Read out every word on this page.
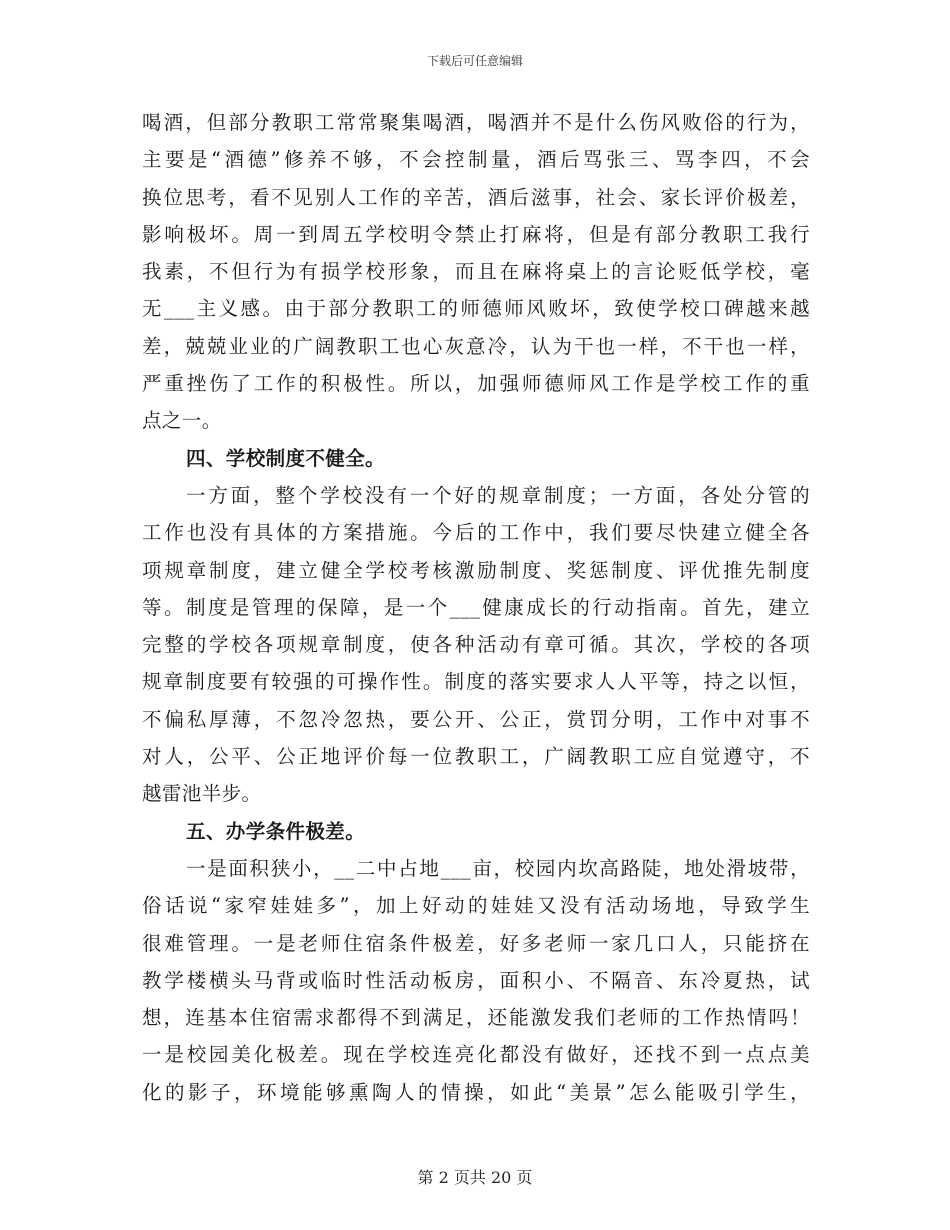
下载后可任意编辑
喝酒，但部分教职工常常聚集喝酒，喝酒并不是什么伤风败俗的行为，
主要是“酒德”修养不够，不会控制量，酒后骂张三、骂李四，不会
换位思考，看不见别人工作的辛苦，酒后滋事，社会、家长评价极差，
影响极坏。周一到周五学校明令禁止打麻将，但是有部分教职工我行
我素，不但行为有损学校形象，而且在麻将桌上的言论贬低学校，毫
无___主义感。由于部分教职工的师德师风败坏，致使学校口碑越来越
差，兢兢业业的广阔教职工也心灰意冷，认为干也一样，不干也一样，
严重挫伤了工作的积极性。所以，加强师德师风工作是学校工作的重
点之一。
四、学校制度不健全。
一方面，整个学校没有一个好的规章制度；一方面，各处分管的
工作也没有具体的方案措施。今后的工作中，我们要尽快建立健全各
项规章制度，建立健全学校考核激励制度、奖惩制度、评优推先制度
等。制度是管理的保障，是一个___健康成长的行动指南。首先，建立
完整的学校各项规章制度，使各种活动有章可循。其次，学校的各项
规章制度要有较强的可操作性。制度的落实要求人人平等，持之以恒，
不偏私厚薄，不忽冷忽热，要公开、公正，赏罚分明，工作中对事不
对人，公平、公正地评价每一位教职工，广阔教职工应自觉遵守，不
越雷池半步。
五、办学条件极差。
一是面积狭小，__二中占地___亩，校园内坎高路陡，地处滑坡带，
俗话说“家窄娃娃多”，加上好动的娃娃又没有活动场地，导致学生
很难管理。一是老师住宿条件极差，好多老师一家几口人，只能挤在
教学楼横头马背或临时性活动板房，面积小、不隔音、东冷夏热，试
想，连基本住宿需求都得不到满足，还能激发我们老师的工作热情吗！
一是校园美化极差。现在学校连亮化都没有做好，还找不到一点点美
化的影子，环境能够熏陶人的情操，如此“美景”怎么能吸引学生，
第 2 页共 20 页
